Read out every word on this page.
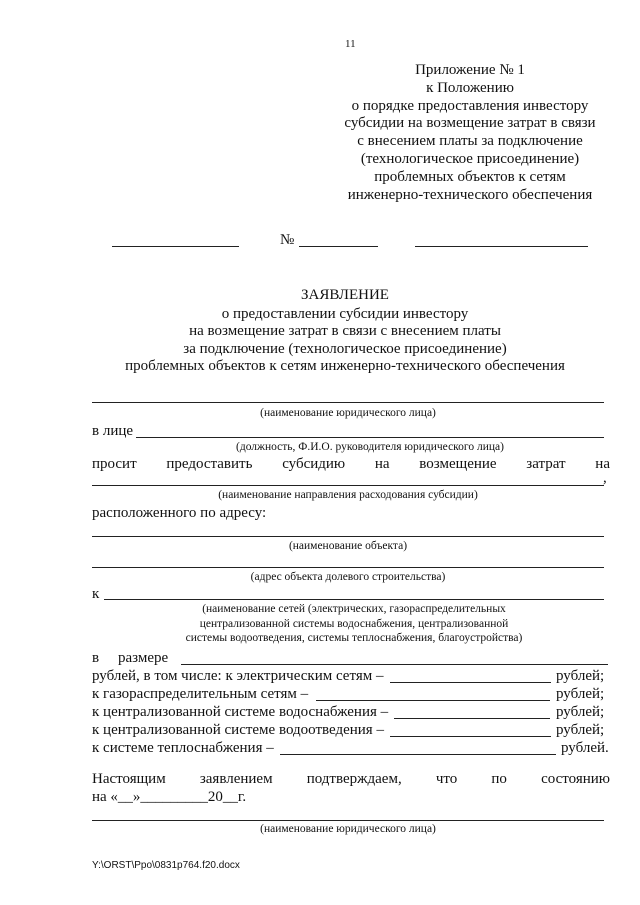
11
Приложение № 1
к Положению
о порядке предоставления инвестору
субсидии на возмещение затрат в связи
с внесением платы за подключение
(технологическое присоединение)
проблемных объектов к сетям
инженерно-технического обеспечения
№
ЗАЯВЛЕНИЕ
о предоставлении субсидии инвестору
на возмещение затрат в связи с внесением платы
за подключение (технологическое присоединение)
проблемных объектов к сетям инженерно-технического обеспечения
(наименование юридического лица)
в лице
(должность, Ф.И.О. руководителя юридического лица)
просит предоставить субсидию на возмещение затрат на
,
(наименование направления расходования субсидии)
расположенного по адресу:
(наименование объекта)
(адрес объекта долевого строительства)
к
(наименование сетей (электрических, газораспределительных
централизованной системы водоснабжения, централизованной
системы водоотведения, системы теплоснабжения, благоустройства)
в размере
рублей, в том числе: к электрическим сетям –	рублей;
к газораспределительным сетям –	рублей;
к централизованной системе водоснабжения –	рублей;
к централизованной системе водоотведения –	рублей;
к системе теплоснабжения –	рублей.
Настоящим заявлением подтверждаем, что по состоянию
на «__»_________20__г.
(наименование юридического лица)
Y:\ORST\Ppo\0831p764.f20.docx
